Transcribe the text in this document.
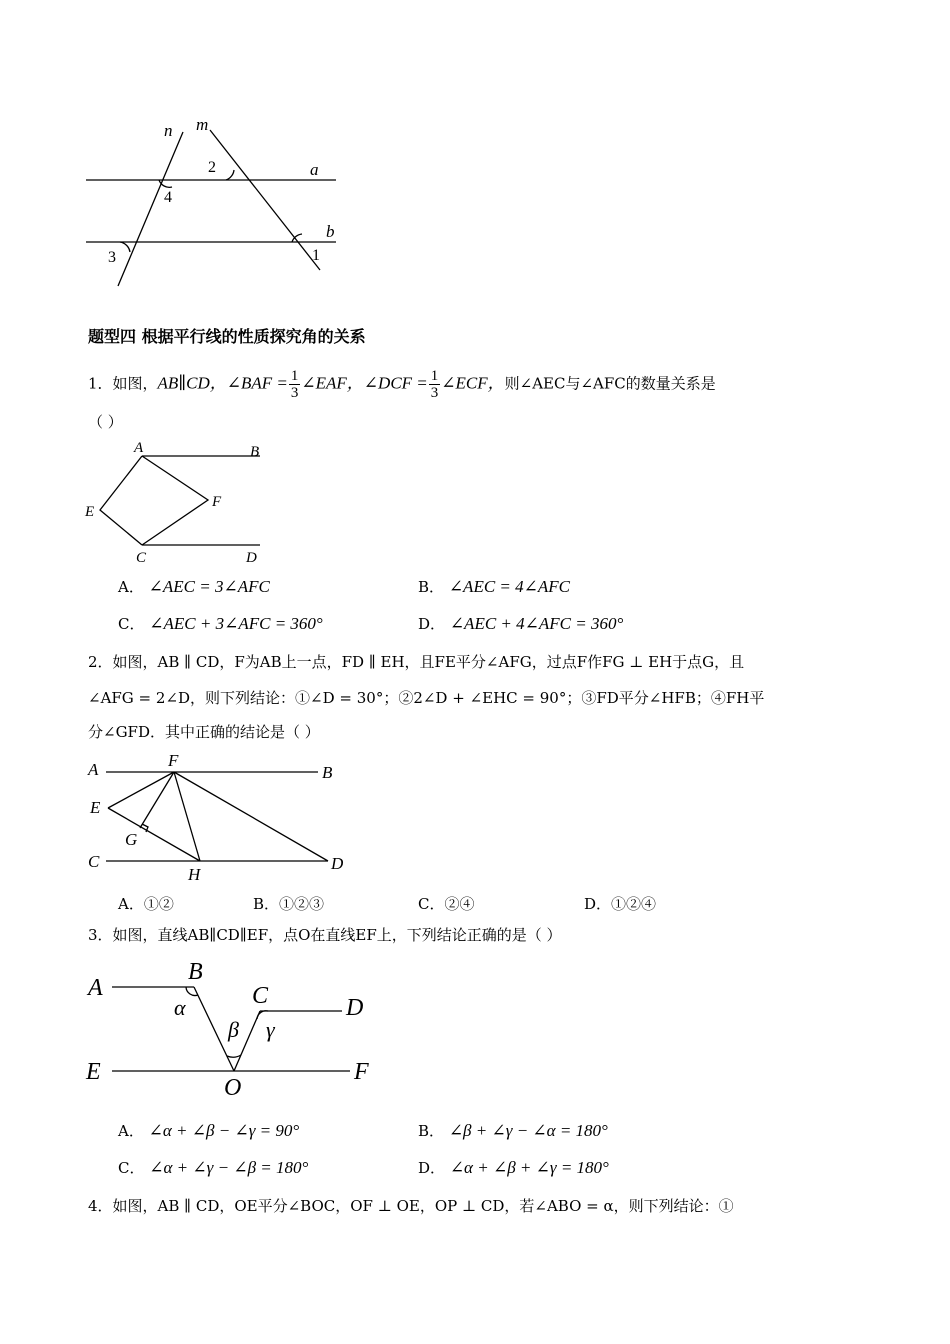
n m
a
b
2
4
3	1
题型四 根据平行线的性质探究角的关系
1．如图，AB∥CD，∠BAF = $\frac{1}{3}$ ∠EAF，∠DCF = $\frac{1}{3}$ ∠ECF，则∠AEC与∠AFC的数量关系是
（ ）
A	B
E
F
C	D
A． ∠AEC = 3∠AFC	B． ∠AEC = 4∠AFC
C． ∠AEC + 3∠AFC = 360°	D． ∠AEC + 4∠AFC = 360°
2．如图，AB ∥ CD，F为AB上一点，FD ∥ EH，且FE平分∠AFG，过点F作FG ⊥ EH于点G，且
∠AFG = 2∠D，则下列结论：①∠D = 30°；②2∠D + ∠EHC = 90°；③FD平分∠HFB；④FH平
分∠GFD．其中正确的结论是（ ）
A	F
B
E
G
C
H
D
A．①②	B．①②③	C．②④	D．①②④
3．如图，直线AB∥CD∥EF，点O在直线EF上，下列结论正确的是（ ）
A
B
α	C	D
β γ
E
O
F
A． ∠α + ∠β − ∠γ = 90°	B． ∠β + ∠γ − ∠α = 180°
C． ∠α + ∠γ − ∠β = 180°	D． ∠α + ∠β + ∠γ = 180°
4．如图，AB ∥ CD，OE平分∠BOC，OF ⊥ OE，OP ⊥ CD，若∠ABO = α，则下列结论：①
